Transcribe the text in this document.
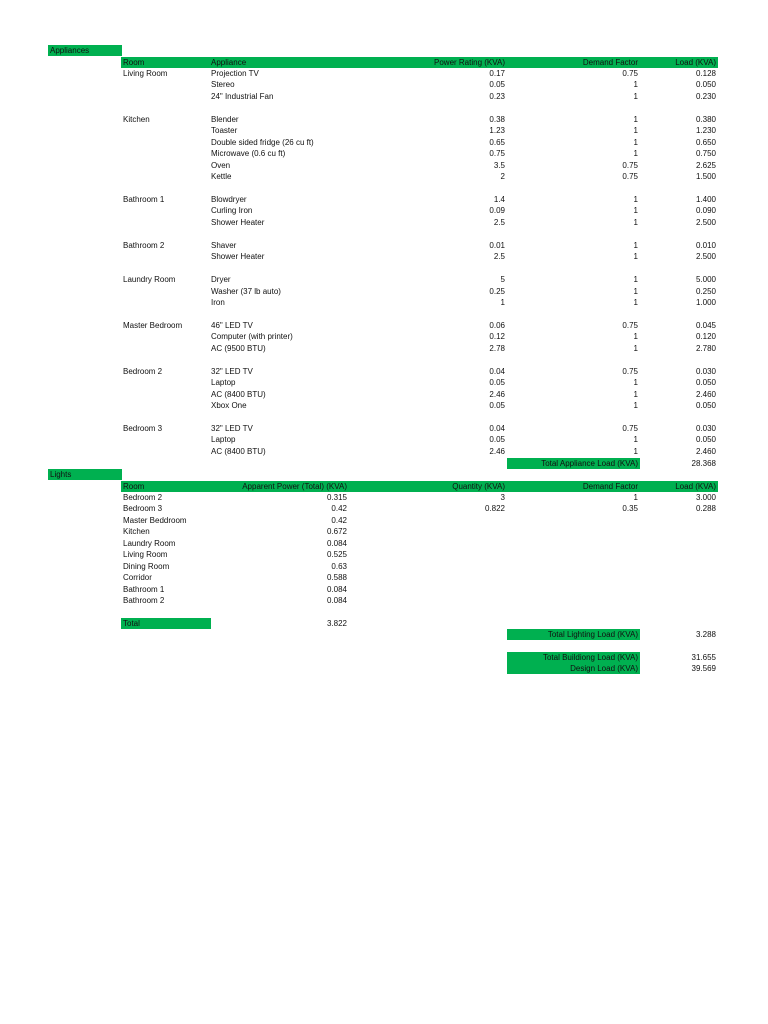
Appliances
Room	Appliance	Power Rating (KVA)	Demand Factor	Load (KVA)
Living Room	Projection TV	0.17	0.75	0.128
Stereo	0.05	1	0.050
24" Industrial Fan	0.23	1	0.230
Kitchen	Blender	0.38	1	0.380
Toaster	1.23	1	1.230
Double sided fridge (26 cu ft)	0.65	1	0.650
Microwave (0.6 cu ft)	0.75	1	0.750
Oven	3.5	0.75	2.625
Kettle	2	0.75	1.500
Bathroom 1	Blowdryer	1.4	1	1.400
Curling Iron	0.09	1	0.090
Shower Heater	2.5	1	2.500
Bathroom 2	Shaver	0.01	1	0.010
Shower Heater	2.5	1	2.500
Laundry Room	Dryer	5	1	5.000
Washer (37 lb auto)	0.25	1	0.250
Iron	1	1	1.000
Master Bedroom	46" LED TV	0.06	0.75	0.045
Computer (with printer)	0.12	1	0.120
AC (9500 BTU)	2.78	1	2.780
Bedroom 2	32" LED TV	0.04	0.75	0.030
Laptop	0.05	1	0.050
AC (8400 BTU)	2.46	1	2.460
Xbox One	0.05	1	0.050
Bedroom 3	32" LED TV	0.04	0.75	0.030
Laptop	0.05	1	0.050
AC (8400 BTU)	2.46	1	2.460
Total Appliance Load (KVA)	28.368
Lights
Room	Apparent Power (Total) (KVA)	Quantity (KVA)	Demand Factor	Load (KVA)
Bedroom 2	0.315	3	1	3.000
Bedroom 3	0.42	0.822	0.35	0.288
Master Beddroom	0.42
Kitchen	0.672
Laundry Room	0.084
Living Room	0.525
Dining Room	0.63
Corridor	0.588
Bathroom 1	0.084
Bathroom 2	0.084
Total	3.822
Total Lighting Load (KVA)	3.288
Total Buildiong Load (KVA)	31.655
Design Load (KVA)	39.569
